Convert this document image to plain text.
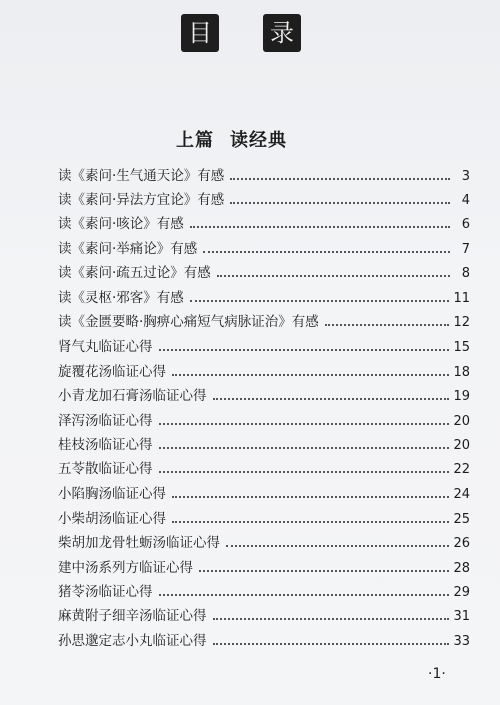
目 录
上篇 读经典
读《素问·生气通天论》有感	3
读《素问·异法方宜论》有感	4
读《素问·咳论》有感	6
读《素问·举痛论》有感	7
读《素问·疏五过论》有感	8
读《灵枢·邪客》有感	11
读《金匮要略·胸痹心痛短气病脉证治》有感	12
肾气丸临证心得	15
旋覆花汤临证心得	18
小青龙加石膏汤临证心得	19
泽泻汤临证心得	20
桂枝汤临证心得	20
五苓散临证心得	22
小陷胸汤临证心得	24
小柴胡汤临证心得	25
柴胡加龙骨牡蛎汤临证心得	26
建中汤系列方临证心得	28
猪苓汤临证心得	29
麻黄附子细辛汤临证心得	31
孙思邈定志小丸临证心得	33
·1·
